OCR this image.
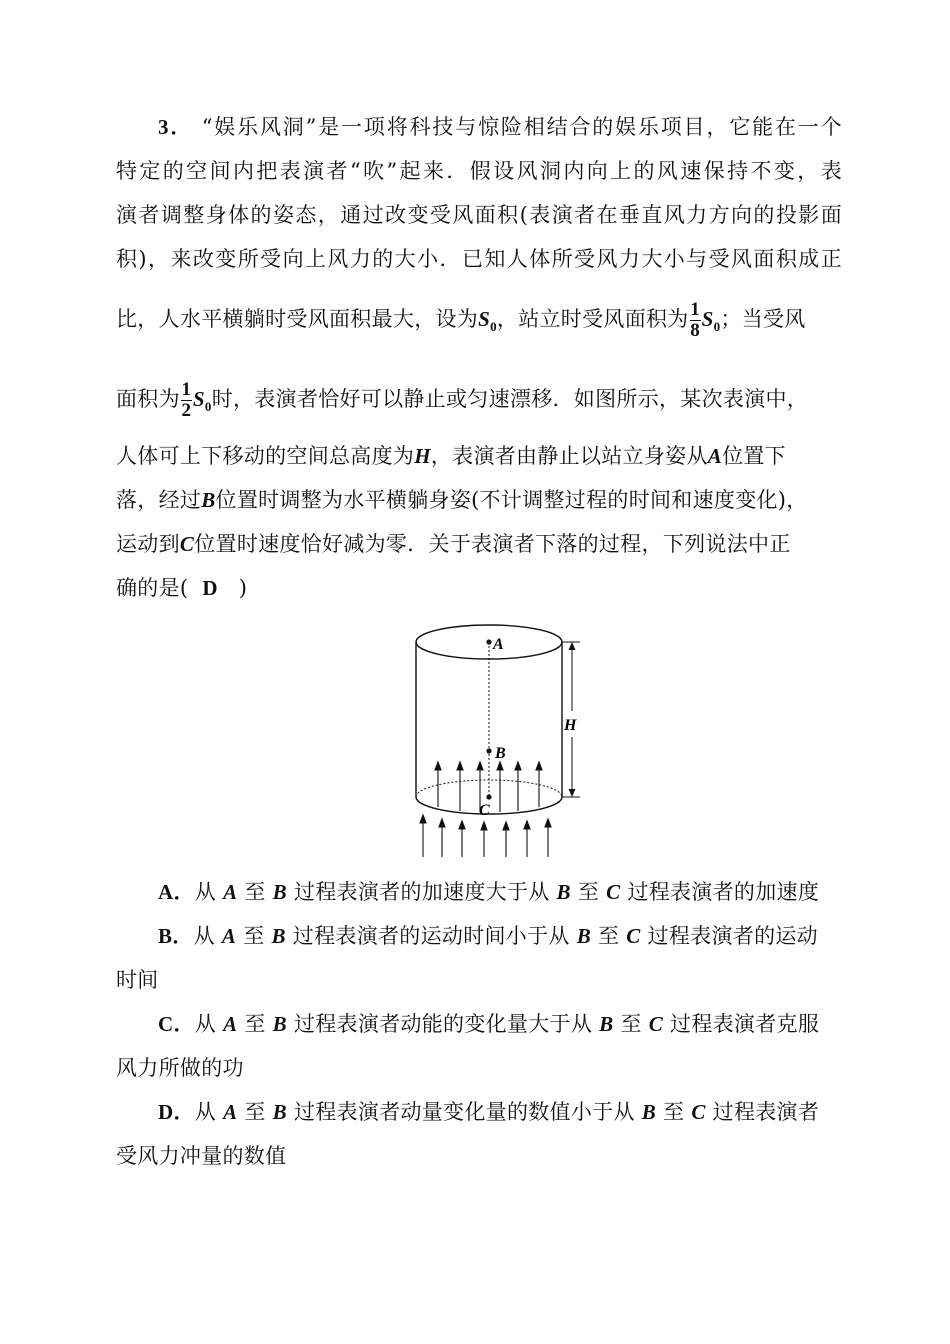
3． “娱乐风洞”是一项将科技与惊险相结合的娱乐项目，它能在一个
特定的空间内把表演者“吹”起来．假设风洞内向上的风速保持不变，表
演者调整身体的姿态，通过改变受风面积(表演者在垂直风力方向的投影面
积)，来改变所受向上风力的大小．已知人体所受风力大小与受风面积成正
比，人水平横躺时受风面积最大，设为$S_0$，站立时受风面积为 $\frac{1}{8} S_0$；当受风
面积为 $\frac{1}{2} S_0$时，表演者恰好可以静止或匀速漂移．如图所示，某次表演中，
人体可上下移动的空间总高度为H，表演者由静止以站立身姿从A位置下
落，经过B位置时调整为水平横躺身姿(不计调整过程的时间和速度变化)，
运动到C位置时速度恰好减为零．关于表演者下落的过程，下列说法中正
确的是( D )
A
B
C
H
A．从 A 至 B 过程表演者的加速度大于从 B 至 C 过程表演者的加速度
B．从 A 至 B 过程表演者的运动时间小于从 B 至 C 过程表演者的运动
时间
C．从 A 至 B 过程表演者动能的变化量大于从 B 至 C 过程表演者克服
风力所做的功
D．从 A 至 B 过程表演者动量变化量的数值小于从 B 至 C 过程表演者
受风力冲量的数值
